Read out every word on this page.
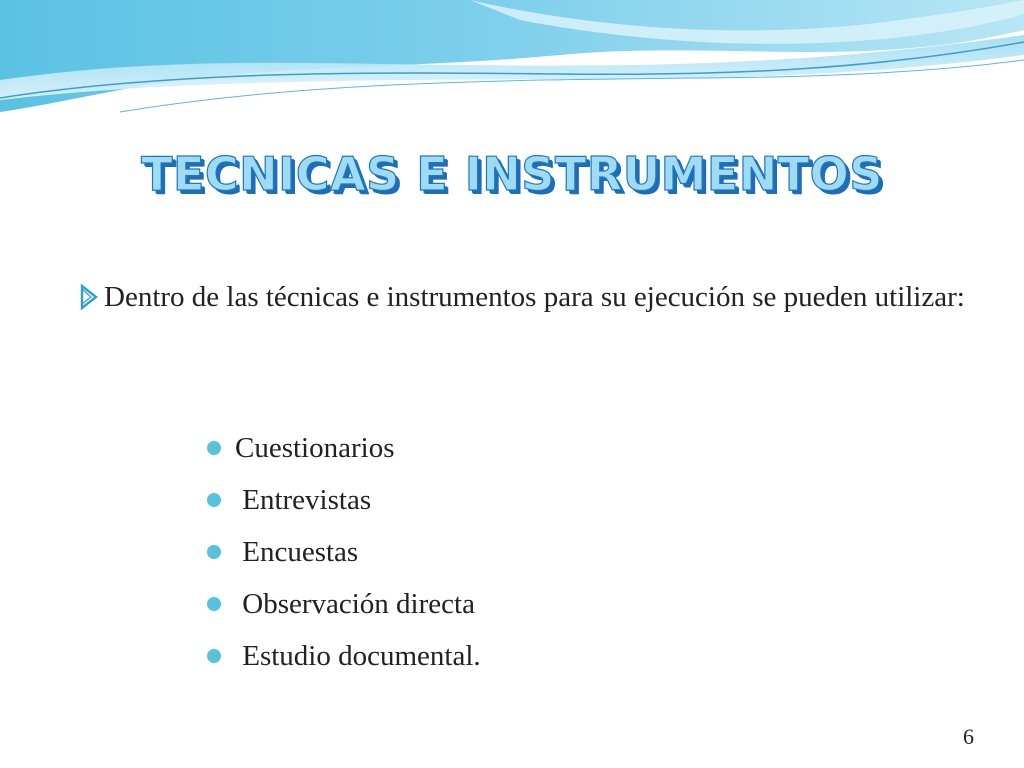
TECNICAS E INSTRUMENTOS
Dentro de las técnicas e instrumentos para su ejecución se pueden utilizar:
Cuestionarios
Entrevistas
Encuestas
Observación directa
Estudio documental.
6
